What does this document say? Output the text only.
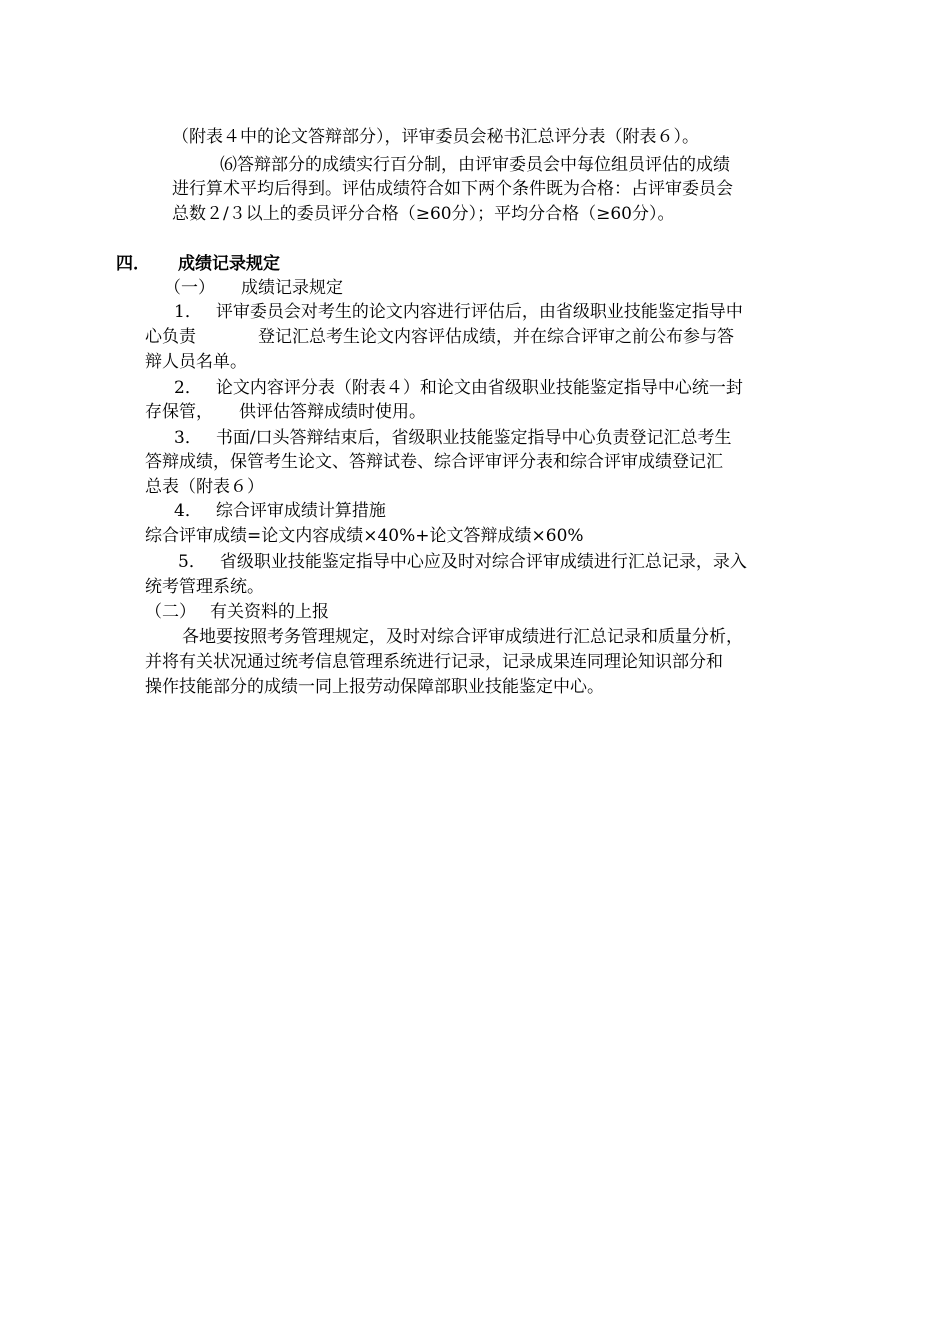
（附表４中的论文答辩部分），评审委员会秘书汇总评分表（附表６）。
⑹答辩部分的成绩实行百分制，由评审委员会中每位组员评估的成绩
进行算术平均后得到。评估成绩符合如下两个条件既为合格：占评审委员会
总数２/３以上的委员评分合格（≥60分）；平均分合格（≥60分）。
四． 成绩记录规定
（一） 成绩记录规定
1． 评审委员会对考生的论文内容进行评估后，由省级职业技能鉴定指导中
心负责	登记汇总考生论文内容评估成绩，并在综合评审之前公布参与答
辩人员名单。
2． 论文内容评分表（附表４）和论文由省级职业技能鉴定指导中心统一封
存保管， 供评估答辩成绩时使用。
3． 书面/口头答辩结束后，省级职业技能鉴定指导中心负责登记汇总考生
答辩成绩，保管考生论文、答辩试卷、综合评审评分表和综合评审成绩登记汇
总表（附表６）
4． 综合评审成绩计算措施
综合评审成绩=论文内容成绩×40%+论文答辩成绩×60%
5． 省级职业技能鉴定指导中心应及时对综合评审成绩进行汇总记录，录入
统考管理系统。
（二） 有关资料的上报
各地要按照考务管理规定，及时对综合评审成绩进行汇总记录和质量分析，
并将有关状况通过统考信息管理系统进行记录，记录成果连同理论知识部分和
操作技能部分的成绩一同上报劳动保障部职业技能鉴定中心。
